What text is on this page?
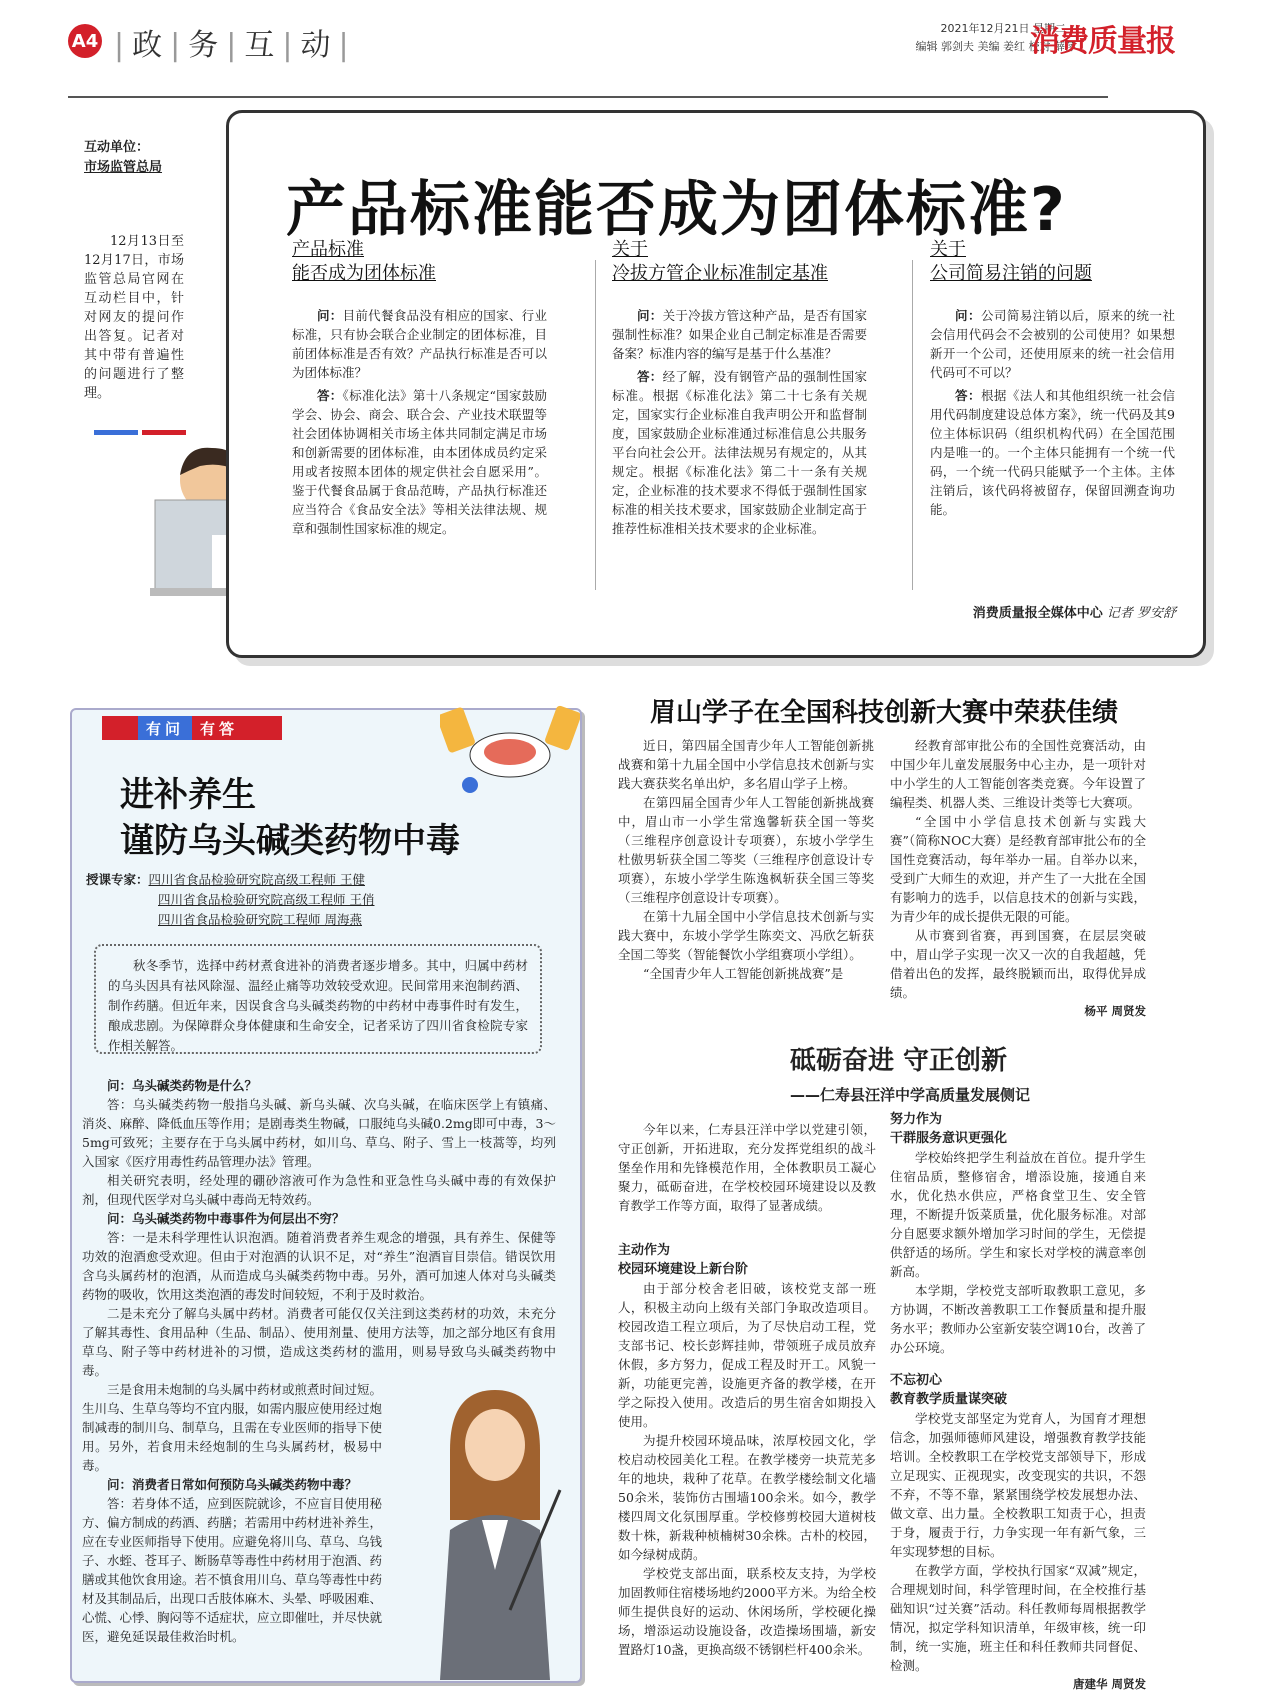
A4 | 政 | 务 | 互 | 动 |	2021年12月21日 星期二
编辑 郭剑夫 美编 姜红 校对 薛萍
消费质量报
互动单位：
市场监管总局
12月13日至12月17日，市场监管总局官网在互动栏目中，针对网友的提问作出答复。记者对其中带有普遍性的问题进行了整理。
产品标准能否成为团体标准?
产品标准
能否成为团体标准
问：目前代餐食品没有相应的国家、行业标准，只有协会联合企业制定的团体标准，目前团体标准是否有效？产品执行标准是否可以为团体标准？
答：《标准化法》第十八条规定“国家鼓励学会、协会、商会、联合会、产业技术联盟等社会团体协调相关市场主体共同制定满足市场和创新需要的团体标准，由本团体成员约定采用或者按照本团体的规定供社会自愿采用”。鉴于代餐食品属于食品范畴，产品执行标准还应当符合《食品安全法》等相关法律法规、规章和强制性国家标准的规定。
关于
冷拔方管企业标准制定基准
问：关于冷拔方管这种产品，是否有国家强制性标准？如果企业自己制定标准是否需要备案？标准内容的编写是基于什么基准？
答：经了解，没有钢管产品的强制性国家标准。根据《标准化法》第二十七条有关规定，国家实行企业标准自我声明公开和监督制度，国家鼓励企业标准通过标准信息公共服务平台向社会公开。法律法规另有规定的，从其规定。根据《标准化法》第二十一条有关规定，企业标准的技术要求不得低于强制性国家标准的相关技术要求，国家鼓励企业制定高于推荐性标准相关技术要求的企业标准。
关于
公司简易注销的问题
问：公司简易注销以后，原来的统一社会信用代码会不会被别的公司使用？如果想新开一个公司，还使用原来的统一社会信用代码可不可以？
答：根据《法人和其他组织统一社会信用代码制度建设总体方案》，统一代码及其9位主体标识码（组织机构代码）在全国范围内是唯一的。一个主体只能拥有一个统一代码，一个统一代码只能赋予一个主体。主体注销后，该代码将被留存，保留回溯查询功能。
消费质量报全媒体中心 记者 罗安舒
有问	有答
进补养生
谨防乌头碱类药物中毒
授课专家：四川省食品检验研究院高级工程师 王健
四川省食品检验研究院高级工程师 王俏
四川省食品检验研究院工程师 周海燕
秋冬季节，选择中药材煮食进补的消费者逐步增多。其中，归属中药材的乌头因具有祛风除湿、温经止痛等功效较受欢迎。民间常用来泡制药酒、制作药膳。但近年来，因误食含乌头碱类药物的中药材中毒事件时有发生，酿成悲剧。为保障群众身体健康和生命安全，记者采访了四川省食检院专家作相关解答。

问：乌头碱类药物是什么？

答：乌头碱类药物一般指乌头碱、新乌头碱、次乌头碱，在临床医学上有镇痛、消炎、麻醉、降低血压等作用；是剧毒类生物碱，口服纯乌头碱0.2mg即可中毒，3～5mg可致死；主要存在于乌头属中药材，如川乌、草乌、附子、雪上一枝蒿等，均列入国家《医疗用毒性药品管理办法》管理。

相关研究表明，经处理的硼砂溶液可作为急性和亚急性乌头碱中毒的有效保护剂，但现代医学对乌头碱中毒尚无特效药。

问：乌头碱类药物中毒事件为何层出不穷？

答：一是未科学理性认识泡酒。随着消费者养生观念的增强，具有养生、保健等功效的泡酒愈受欢迎。但由于对泡酒的认识不足，对“养生”泡酒盲目崇信。错误饮用含乌头属药材的泡酒，从而造成乌头碱类药物中毒。另外，酒可加速人体对乌头碱类药物的吸收，饮用这类泡酒的毒发时间较短，不利于及时救治。

二是未充分了解乌头属中药材。消费者可能仅仅关注到这类药材的功效，未充分了解其毒性、食用品种（生品、制品）、使用剂量、使用方法等，加之部分地区有食用草乌、附子等中药材进补的习惯，造成这类药材的滥用，则易导致乌头碱类药物中毒。

三是食用未炮制的乌头属中药材或煎煮时间过短。生川乌、生草乌等均不宜内服，如需内服应使用经过炮制减毒的制川乌、制草乌，且需在专业医师的指导下使用。另外，若食用未经炮制的生乌头属药材，极易中毒。

问：消费者日常如何预防乌头碱类药物中毒？

答：若身体不适，应到医院就诊，不应盲目使用秘方、偏方制成的药酒、药膳；若需用中药材进补养生，应在专业医师指导下使用。应避免将川乌、草乌、乌钱子、水蛭、苍耳子、断肠草等毒性中药材用于泡酒、药膳或其他饮食用途。若不慎食用川乌、草乌等毒性中药材及其制品后，出现口舌肢体麻木、头晕、呼吸困难、心慌、心悸、胸闷等不适症状，应立即催吐，并尽快就医，避免延误最佳救治时机。

眉山学子在全国科技创新大赛中荣获佳绩

近日，第四届全国青少年人工智能创新挑战赛和第十九届全国中小学信息技术创新与实践大赛获奖名单出炉，多名眉山学子上榜。

在第四届全国青少年人工智能创新挑战赛中，眉山市一小学生常逸馨斩获全国一等奖（三维程序创意设计专项赛），东坡小学学生杜傲男斩获全国二等奖（三维程序创意设计专项赛），东坡小学学生陈逸枫斩获全国三等奖（三维程序创意设计专项赛）。

在第十九届全国中小学信息技术创新与实践大赛中，东坡小学学生陈奕文、冯欣乞斩获全国二等奖（智能餐饮小学组赛项小学组）。

“全国青少年人工智能创新挑战赛”是

经教育部审批公布的全国性竞赛活动，由中国少年儿童发展服务中心主办，是一项针对中小学生的人工智能创客类竞赛。今年设置了编程类、机器人类、三维设计类等七大赛项。

“全国中小学信息技术创新与实践大赛”（简称NOC大赛）是经教育部审批公布的全国性竞赛活动，每年举办一届。自举办以来，受到广大师生的欢迎，并产生了一大批在全国有影响力的选手，以信息技术的创新与实践，为青少年的成长提供无限的可能。

从市赛到省赛，再到国赛，在层层突破中，眉山学子实现一次又一次的自我超越，凭借着出色的发挥，最终脱颖而出，取得优异成绩。

杨平 周贤发
砥砺奋进 守正创新
——仁寿县汪洋中学高质量发展侧记

今年以来，仁寿县汪洋中学以党建引领，守正创新，开拓进取，充分发挥党组织的战斗堡垒作用和先锋模范作用，全体教职员工凝心聚力，砥砺奋进，在学校校园环境建设以及教育教学工作等方面，取得了显著成绩。

主动作为
校园环境建设上新台阶

由于部分校舍老旧破，该校党支部一班人，积极主动向上级有关部门争取改造项目。校园改造工程立项后，为了尽快启动工程，党支部书记、校长彭辉挂帅，带领班子成员放弃休假，多方努力，促成工程及时开工。风貌一新，功能更完善，设施更齐备的教学楼，在开学之际投入使用。改造后的男生宿舍如期投入使用。

为提升校园环境品味，浓厚校园文化，学校启动校园美化工程。在教学楼旁一块荒芜多年的地块，栽种了花草。在教学楼绘制文化墙50余米，装饰仿古围墙100余米。如今，教学楼四周文化氛围厚重。学校修剪校园大道树枝数十株，新栽种桢楠树30余株。古朴的校园，如今绿树成荫。

学校党支部出面，联系校友支持，为学校加固教师住宿楼场地约2000平方米。为给全校师生提供良好的运动、休闲场所，学校硬化操场，增添运动设施设备，改造操场围墙，新安置路灯10盏，更换高级不锈钢栏杆400余米。

努力作为
干群服务意识更强化

学校始终把学生利益放在首位。提升学生住宿品质，整修宿舍，增添设施，接通自来水，优化热水供应，严格食堂卫生、安全管理，不断提升饭菜质量，优化服务标准。对部分自愿要求额外增加学习时间的学生，无偿提供舒适的场所。学生和家长对学校的满意率创新高。

本学期，学校党支部听取教职工意见，多方协调，不断改善教职工工作餐质量和提升服务水平；教师办公室新安装空调10台，改善了办公环境。

不忘初心
教育教学质量谋突破

学校党支部坚定为党育人，为国育才理想信念，加强师德师风建设，增强教育教学技能培训。全校教职工在学校党支部领导下，形成立足现实、正视现实，改变现实的共识，不怨不弃，不等不靠，紧紧围绕学校发展想办法、做文章、出力量。全校教职工知责于心，担责于身，履责于行，力争实现一年有新气象，三年实现梦想的目标。

在教学方面，学校执行国家“双减”规定，合理规划时间，科学管理时间，在全校推行基础知识“过关赛”活动。科任教师每周根据教学情况，拟定学科知识清单，年级审核，统一印制，统一实施，班主任和科任教师共同督促、检测。

唐建华 周贤发
